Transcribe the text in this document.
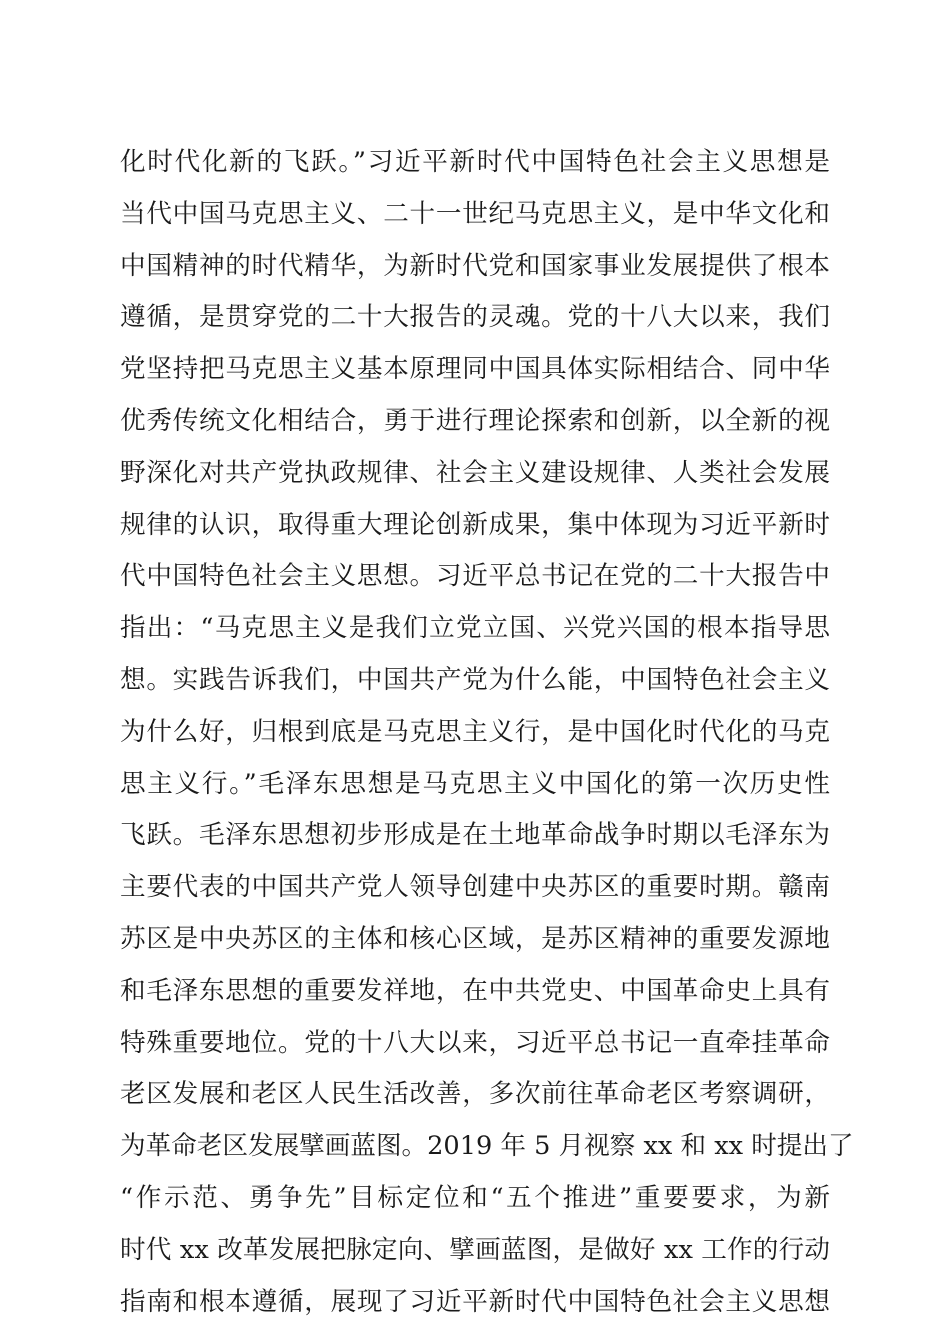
化时代化新的飞跃。”习近平新时代中国特色社会主义思想是
当代中国马克思主义、二十一世纪马克思主义，是中华文化和
中国精神的时代精华，为新时代党和国家事业发展提供了根本
遵循，是贯穿党的二十大报告的灵魂。党的十八大以来，我们
党坚持把马克思主义基本原理同中国具体实际相结合、同中华
优秀传统文化相结合，勇于进行理论探索和创新，以全新的视
野深化对共产党执政规律、社会主义建设规律、人类社会发展
规律的认识，取得重大理论创新成果，集中体现为习近平新时
代中国特色社会主义思想。习近平总书记在党的二十大报告中
指出：“马克思主义是我们立党立国、兴党兴国的根本指导思
想。实践告诉我们，中国共产党为什么能，中国特色社会主义
为什么好，归根到底是马克思主义行，是中国化时代化的马克
思主义行。”毛泽东思想是马克思主义中国化的第一次历史性
飞跃。毛泽东思想初步形成是在土地革命战争时期以毛泽东为
主要代表的中国共产党人领导创建中央苏区的重要时期。赣南
苏区是中央苏区的主体和核心区域，是苏区精神的重要发源地
和毛泽东思想的重要发祥地，在中共党史、中国革命史上具有
特殊重要地位。党的十八大以来，习近平总书记一直牵挂革命
老区发展和老区人民生活改善，多次前往革命老区考察调研，
为革命老区发展擘画蓝图。2019 年 5 月视察 xx 和 xx 时提出了
“作示范、勇争先”目标定位和“五个推进”重要要求，为新
时代 xx 改革发展把脉定向、擘画蓝图，是做好 xx 工作的行动
指南和根本遵循，展现了习近平新时代中国特色社会主义思想
